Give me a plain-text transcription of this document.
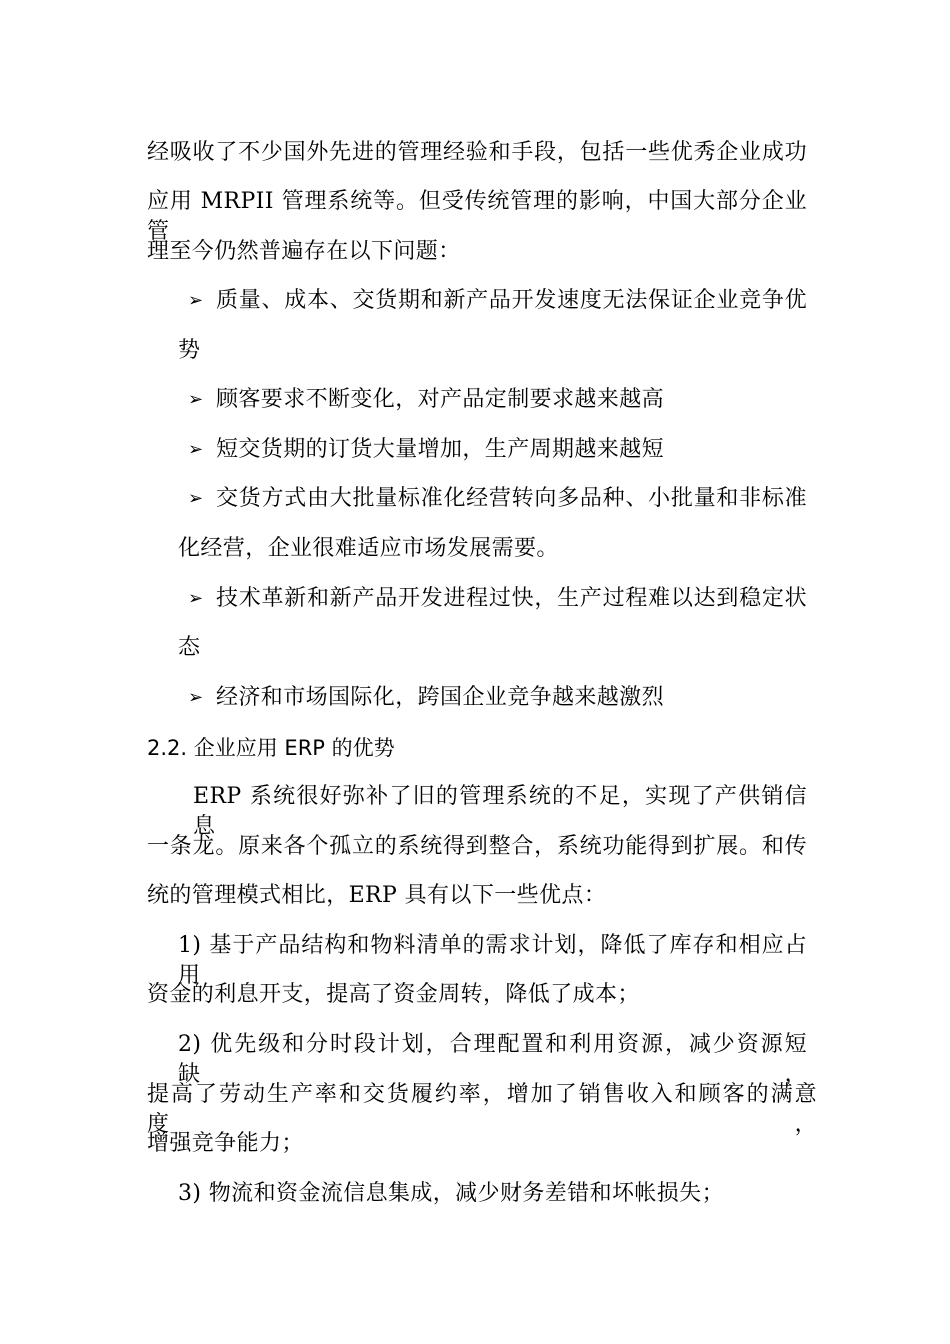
经吸收了不少国外先进的管理经验和手段，包括一些优秀企业成功
应用 MRPII 管理系统等。但受传统管理的影响，中国大部分企业管
理至今仍然普遍存在以下问题：
➢ 质量、成本、交货期和新产品开发速度无法保证企业竞争优
势
➢ 顾客要求不断变化，对产品定制要求越来越高
➢ 短交货期的订货大量增加，生产周期越来越短
➢ 交货方式由大批量标准化经营转向多品种、小批量和非标准
化经营，企业很难适应市场发展需要。
➢ 技术革新和新产品开发进程过快，生产过程难以达到稳定状
态
➢ 经济和市场国际化，跨国企业竞争越来越激烈
2.2. 企业应用 ERP 的优势
ERP 系统很好弥补了旧的管理系统的不足，实现了产供销信息
一条龙。原来各个孤立的系统得到整合，系统功能得到扩展。和传
统的管理模式相比，ERP 具有以下一些优点：
1) 基于产品结构和物料清单的需求计划，降低了库存和相应占用
资金的利息开支，提高了资金周转，降低了成本；
2) 优先级和分时段计划，合理配置和利用资源，减少资源短缺，
提高了劳动生产率和交货履约率，增加了销售收入和顾客的满意度，
增强竞争能力；
3) 物流和资金流信息集成，减少财务差错和坏帐损失；
